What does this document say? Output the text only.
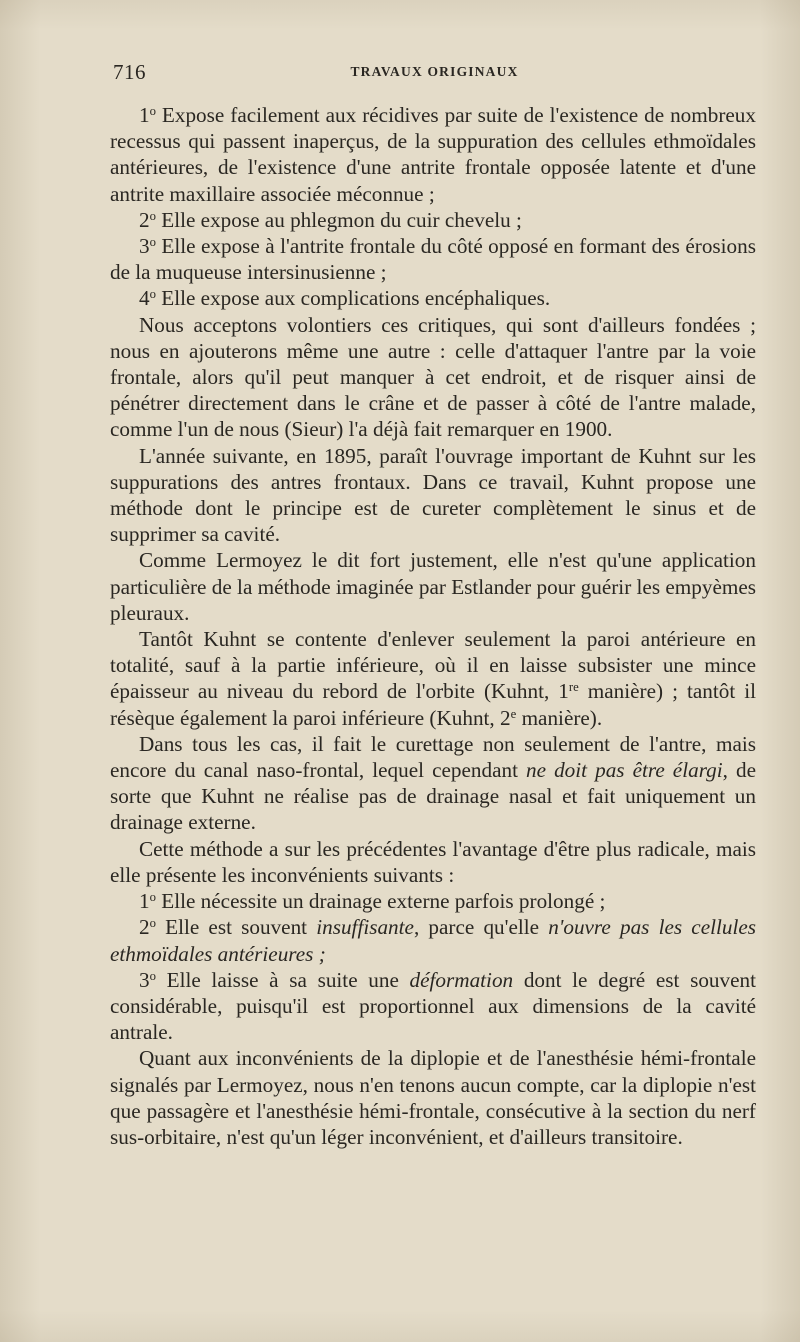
716	TRAVAUX ORIGINAUX

1$^o$ Expose facilement aux récidives par suite de l'existence de nombreux recessus qui passent inaperçus, de la suppuration des cellules ethmoïdales antérieures, de l'existence d'une antrite frontale opposée latente et d'une antrite maxillaire associée méconnue ;

2$^o$ Elle expose au phlegmon du cuir chevelu ;

3$^o$ Elle expose à l'antrite frontale du côté opposé en formant des érosions de la muqueuse intersinusienne ;

4$^o$ Elle expose aux complications encéphaliques.

Nous acceptons volontiers ces critiques, qui sont d'ailleurs fondées ; nous en ajouterons même une autre : celle d'attaquer l'antre par la voie frontale, alors qu'il peut manquer à cet endroit, et de risquer ainsi de pénétrer directement dans le crâne et de passer à côté de l'antre malade, comme l'un de nous (Sieur) l'a déjà fait remarquer en 1900.

L'année suivante, en 1895, paraît l'ouvrage important de Kuhnt sur les suppurations des antres frontaux. Dans ce travail, Kuhnt propose une méthode dont le principe est de cureter complètement le sinus et de supprimer sa cavité.

Comme Lermoyez le dit fort justement, elle n'est qu'une application particulière de la méthode imaginée par Estlander pour guérir les empyèmes pleuraux.

Tantôt Kuhnt se contente d'enlever seulement la paroi antérieure en totalité, sauf à la partie inférieure, où il en laisse subsister une mince épaisseur au niveau du rebord de l'orbite (Kuhnt, 1re manière) ; tantôt il résèque également la paroi inférieure (Kuhnt, 2e manière).

Dans tous les cas, il fait le curettage non seulement de l'antre, mais encore du canal naso-frontal, lequel cependant ne doit pas être élargi, de sorte que Kuhnt ne réalise pas de drainage nasal et fait uniquement un drainage externe.

Cette méthode a sur les précédentes l'avantage d'être plus radicale, mais elle présente les inconvénients suivants :

1$^o$ Elle nécessite un drainage externe parfois prolongé ;

2$^o$ Elle est souvent insuffisante, parce qu'elle n'ouvre pas les cellules ethmoïdales antérieures ;

3$^o$ Elle laisse à sa suite une déformation dont le degré est souvent considérable, puisqu'il est proportionnel aux dimensions de la cavité antrale.

Quant aux inconvénients de la diplopie et de l'anesthésie hémi-frontale signalés par Lermoyez, nous n'en tenons aucun compte, car la diplopie n'est que passagère et l'anesthésie hémi-frontale, consécutive à la section du nerf sus-orbitaire, n'est qu'un léger inconvénient, et d'ailleurs transitoire.
